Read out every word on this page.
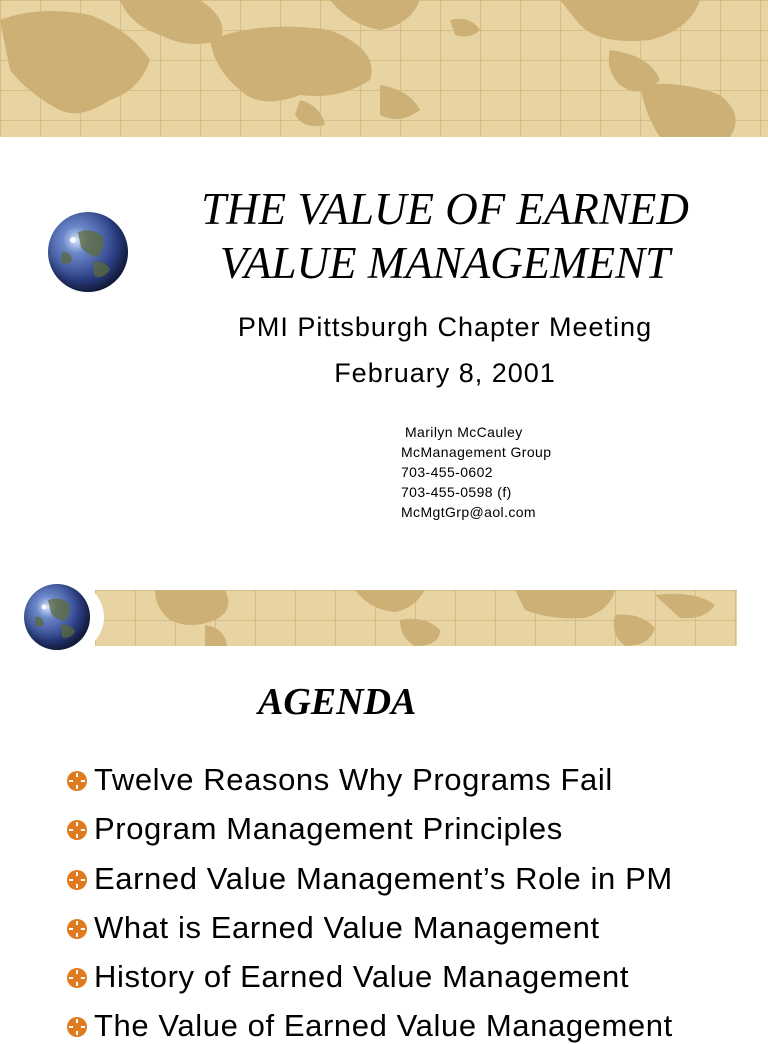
THE VALUE OF EARNED
VALUE MANAGEMENT
PMI Pittsburgh Chapter Meeting
February 8, 2001
Marilyn McCauley
McManagement Group
703-455-0602
703-455-0598 (f)
McMgtGrp@aol.com
AGENDA
Twelve Reasons Why Programs Fail
Program Management Principles
Earned Value Management’s Role in PM
What is Earned Value Management
History of Earned Value Management
The Value of Earned Value Management
